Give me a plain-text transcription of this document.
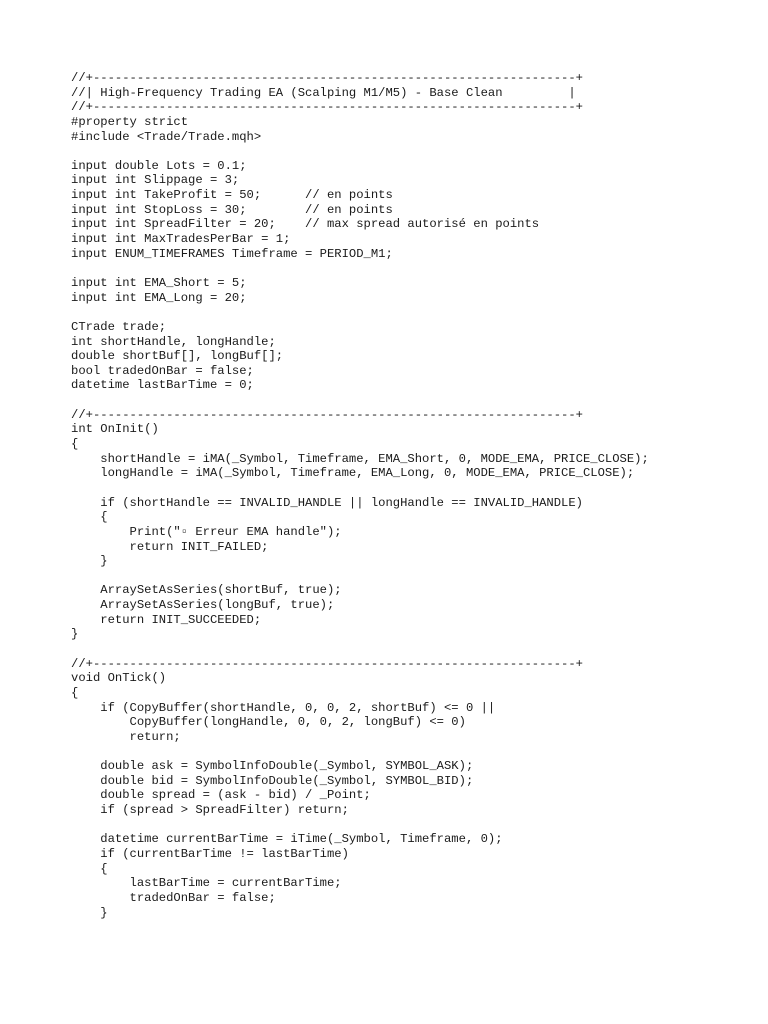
//+------------------------------------------------------------------+
//| High-Frequency Trading EA (Scalping M1/M5) - Base Clean         |
//+------------------------------------------------------------------+
#property strict
#include <Trade/Trade.mqh>
input double Lots = 0.1;
input int Slippage = 3;
input int TakeProfit = 50;      // en points
input int StopLoss = 30;        // en points
input int SpreadFilter = 20;    // max spread autorisé en points
input int MaxTradesPerBar = 1;
input ENUM_TIMEFRAMES Timeframe = PERIOD_M1;
input int EMA_Short = 5;
input int EMA_Long = 20;
CTrade trade;
int shortHandle, longHandle;
double shortBuf[], longBuf[];
bool tradedOnBar = false;
datetime lastBarTime = 0;
//+------------------------------------------------------------------+
int OnInit()
{
shortHandle = iMA(_Symbol, Timeframe, EMA_Short, 0, MODE_EMA, PRICE_CLOSE);
longHandle = iMA(_Symbol, Timeframe, EMA_Long, 0, MODE_EMA, PRICE_CLOSE);
if (shortHandle == INVALID_HANDLE || longHandle == INVALID_HANDLE)
{
Print("▫ Erreur EMA handle");
return INIT_FAILED;
}
ArraySetAsSeries(shortBuf, true);
ArraySetAsSeries(longBuf, true);
return INIT_SUCCEEDED;
}
//+------------------------------------------------------------------+
void OnTick()
{
if (CopyBuffer(shortHandle, 0, 0, 2, shortBuf) <= 0 ||
CopyBuffer(longHandle, 0, 0, 2, longBuf) <= 0)
return;
double ask = SymbolInfoDouble(_Symbol, SYMBOL_ASK);
double bid = SymbolInfoDouble(_Symbol, SYMBOL_BID);
double spread = (ask - bid) / _Point;
if (spread > SpreadFilter) return;
datetime currentBarTime = iTime(_Symbol, Timeframe, 0);
if (currentBarTime != lastBarTime)
{
lastBarTime = currentBarTime;
tradedOnBar = false;
}
